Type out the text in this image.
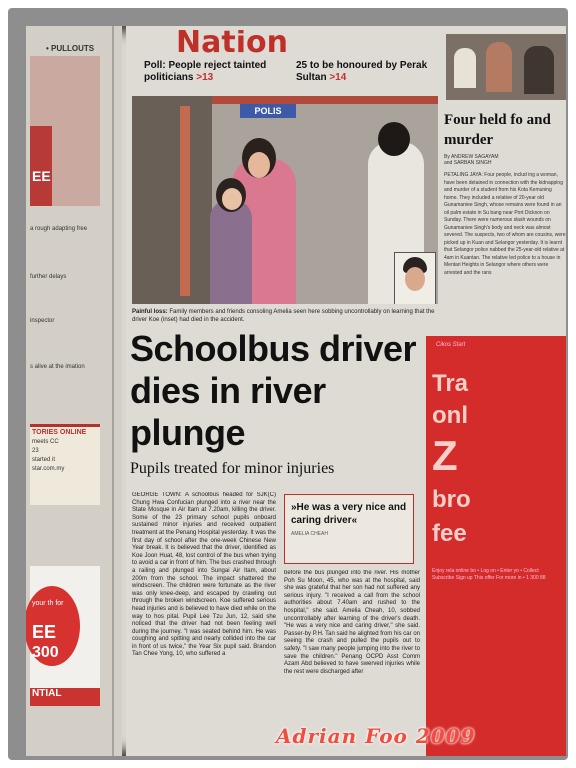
• PULLOUTS
EE
a rough adapting free
further delays
inspector
s alive at the imation
TORIES ONLINE
meets CC
23
started it
star.com.my
your th for
EE
300
NTIAL
Nation
Poll: People reject tainted politicians >13
25 to be honoured by Perak Sultan >14
POLIS
Painful loss: Family members and friends consoling Amelia seen here sobbing uncontrollably on learning that the driver Koe (inset) had died in the accident.
Four held fo and murder
By ANDREW SAGAYAM
and SARBAN SINGH
PETALING JAYA: Four people, includ ing a woman, have been detained in connection with the kidnapping and murder of a student from his Kota Kemuning home. They included a relative of 20-year old Gunamaniee Singh, whose remains were found in an oil palm estate in Su bang near Port Dickson on Sunday. There were numerous slash wounds on Gunamaniee Singh's body and neck was almost severed. The suspects, two of whom are cousins, were picked up in Kuan and Selangor yesterday. It is learnt that Selangor police nabbed the 25-year-old relative at 4am in Kuantan. The relative led police to a house in Mentari Heights in Selangor where others were arrested and the rans
Schoolbus driver dies in river plunge
Pupils treated for minor injuries
GEORGE TOWN: A schoolbus headed for SJK(C) Chung Hwa Confucian plunged into a river near the State Mosque in Air Itam at 7.20am, killing the driver. Some of the 23 primary school pupils onboard sustained minor injuries and received outpatient treatment at the Penang Hospital yesterday. It was the first day of school after the one-week Chinese New Year break. It is believed that the driver, identified as Koe Joon Huat, 48, lost control of the bus when trying to avoid a car in front of him. The bus crashed through a railing and plunged into Sungai Air Itam, about 200m from the school. The impact shattered the windscreen. The children were fortunate as the river was only knee-deep, and escaped by crawling out through the broken windscreen. Koe suffered serious head injuries and is believed to have died while on the way to hos pital. Pupil Lee Tzu Jun, 12, said she noticed that the driver had not been feeling well during the journey. "I was seated behind him. He was coughing and spitting and nearly collided into the car in front of us twice," the Year Six pupil said. Brandon Tan Chee Yong, 10, who suffered a
before the bus plunged into the river. His mother Poh Su Moon, 45, who was at the hospital, said she was grateful that her son had not suffered any serious injury. "I received a call from the school authorities about 7.40am and rushed to the hospital," she said. Amelia Cheah, 10, sobbed uncontrollably after learning of the driver's death. "He was a very nice and caring driver," she said. Passer-by P.H. Tan said he alighted from his car on seeing the crash and pulled the pupils out to safety. "I saw many people jumping into the river to save the children." Penang OCPD Asst Comm Azam Abd believed to have swerved injuries while the rest were discharged after
»He was a very nice and caring driver«
AMELIA CHEAH
Cikos Start
Tra
onl
Z
bro
fee
Enjoy rela online bo • Log on • Enter yo • Collect Subscribe Sign up This offer For more in • 1 300 88
Adrian Foo 2009
